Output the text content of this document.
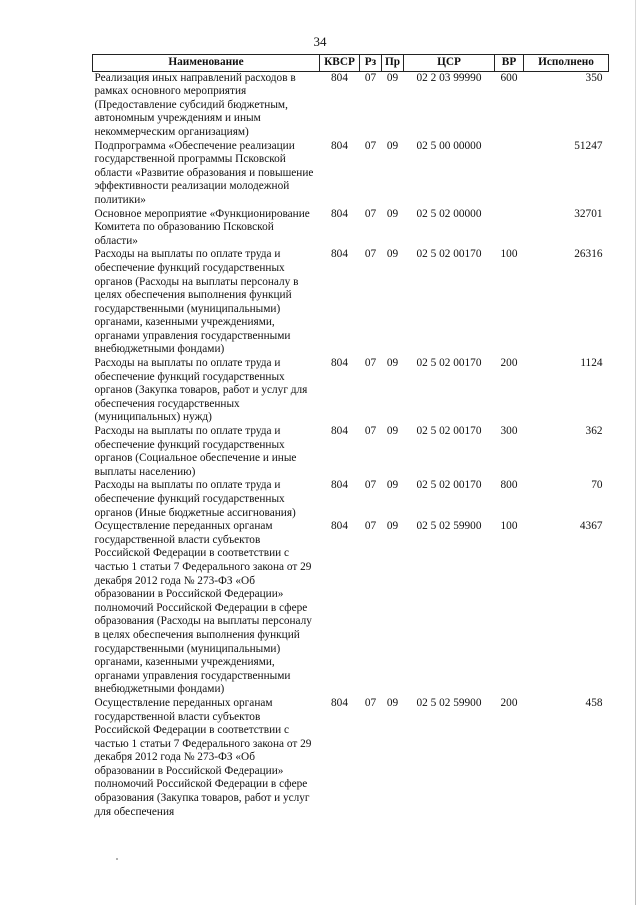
34
Наименование	КВСР	Рз	Пр	ЦСР	ВР	Исполнено
Реализация иных направлений расходов в рамках основного мероприятия (Предоставление субсидий бюджетным, автономным учреждениям и иным некоммерческим организациям)	804	07	09	02 2 03 99990	600	350
Подпрограмма «Обеспечение реализации государственной программы Псковской области «Развитие образования и повышение эффективности реализации молодежной политики»	804	07	09	02 5 00 00000		51247
Основное мероприятие «Функционирование Комитета по образованию Псковской области»	804	07	09	02 5 02 00000		32701
Расходы на выплаты по оплате труда и обеспечение функций государственных органов (Расходы на выплаты персоналу в целях обеспечения выполнения функций государственными (муниципальными) органами, казенными учреждениями, органами управления государственными внебюджетными фондами)	804	07	09	02 5 02 00170	100	26316
Расходы на выплаты по оплате труда и обеспечение функций государственных органов (Закупка товаров, работ и услуг для обеспечения государственных (муниципальных) нужд)	804	07	09	02 5 02 00170	200	1124
Расходы на выплаты по оплате труда и обеспечение функций государственных органов (Социальное обеспечение и иные выплаты населению)	804	07	09	02 5 02 00170	300	362
Расходы на выплаты по оплате труда и обеспечение функций государственных органов (Иные бюджетные ассигнования)	804	07	09	02 5 02 00170	800	70
Осуществление переданных органам государственной власти субъектов Российской Федерации в соответствии с частью 1 статьи 7 Федерального закона от 29 декабря 2012 года № 273-ФЗ «Об образовании в Российской Федерации» полномочий Российской Федерации в сфере образования (Расходы на выплаты персоналу в целях обеспечения выполнения функций государственными (муниципальными) органами, казенными учреждениями, органами управления государственными внебюджетными фондами)	804	07	09	02 5 02 59900	100	4367
Осуществление переданных органам государственной власти субъектов Российской Федерации в соответствии с частью 1 статьи 7 Федерального закона от 29 декабря 2012 года № 273-ФЗ «Об образовании в Российской Федерации» полномочий Российской Федерации в сфере образования (Закупка товаров, работ и услуг для обеспечения	804	07	09	02 5 02 59900	200	458
